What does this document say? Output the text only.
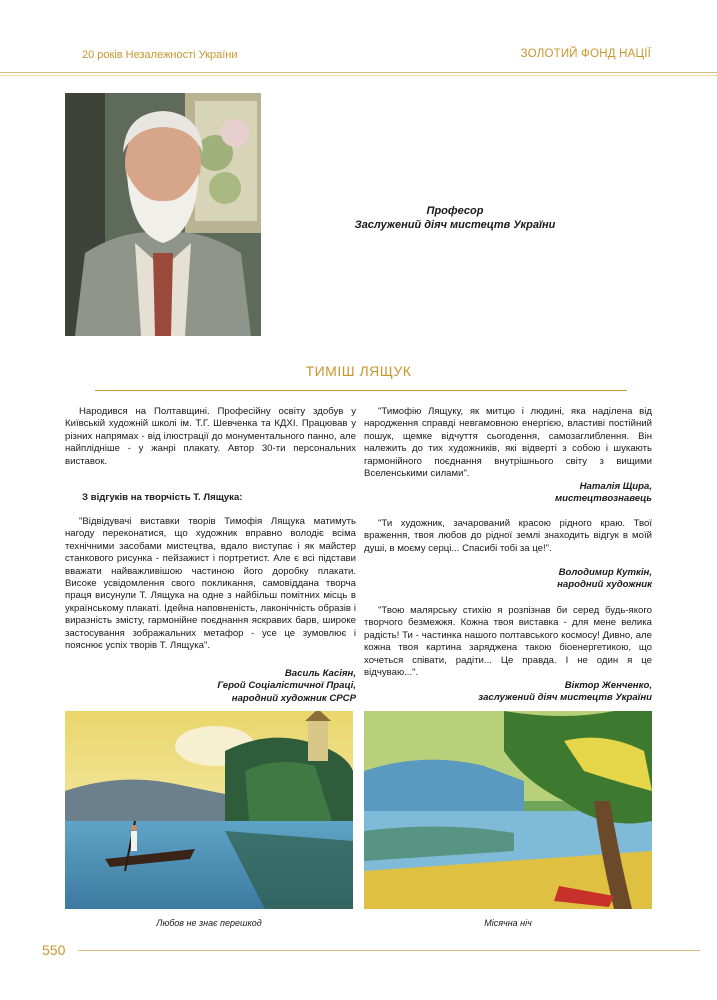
20 років Незалежності України	ЗОЛОТИЙ ФОНД НАЦІЇ
Професор
Заслужений діяч мистецтв України
ТИМІШ ЛЯЩУК

Народився на Полтавщині. Професійну освіту здобув у Київській художній школі ім. Т.Г. Шевченка та КДХІ. Працював у різних напрямах - від ілюстрації до монументального панно, але найплідніше - у жанрі плакату. Автор 30-ти персональних виставок.

З відгуків на творчість Т. Лящука:

"Відвідувачі виставки творів Тимофія Лящука матимуть нагоду переконатися, що художник вправно володіє всіма технічними засобами мистецтва, вдало виступає і як майстер станкового рисунка - пейзажист і портретист. Але є всі підстави вважати найважливішою частиною його доробку плакати. Високе усвідомлення свого покликання, самовіддана творча праця висунули Т. Лящука на одне з найбільш помітних місць в українському плакаті. Ідейна наповненість, лаконічність образів і виразність змісту, гармонійне поєднання яскравих барв, широке застосування зображальних метафор - усе це зумовлює і пояснює успіх творів Т. Лящука".

Василь Касіян,
Герой Соціалістичної Праці,
народний художник СРСР

"Тимофію Лящуку, як митцю і людині, яка наділена від народження справді невгамовною енергією, властиві постійний пошук, щемке відчуття сьогодення, самозаглиблення. Він належить до тих художників, які відверті з собою і шукають гармонійного поєднання внутрішнього світу з вищими Вселенськими силами".

Наталія Щира,
мистецтвознавець

"Ти художник, зачарований красою рідного краю. Твої враження, твоя любов до рідної землі знаходить відгук в моїй душі, в моєму серці... Спасибі тобі за це!".

Володимир Куткін,
народний художник

"Твою малярську стихію я розпізнав би серед будь-якого творчого безмежжя. Кожна твоя виставка - для мене велика радість! Ти - частинка нашого полтавського космосу! Дивно, але кожна твоя картина заряджена такою біоенергетикою, що хочеться співати, радіти... Це правда. І не один я це відчуваю...".

Віктор Женченко,
заслужений діяч мистецтв України
Любов не знає перешкод	Місячна ніч
550
